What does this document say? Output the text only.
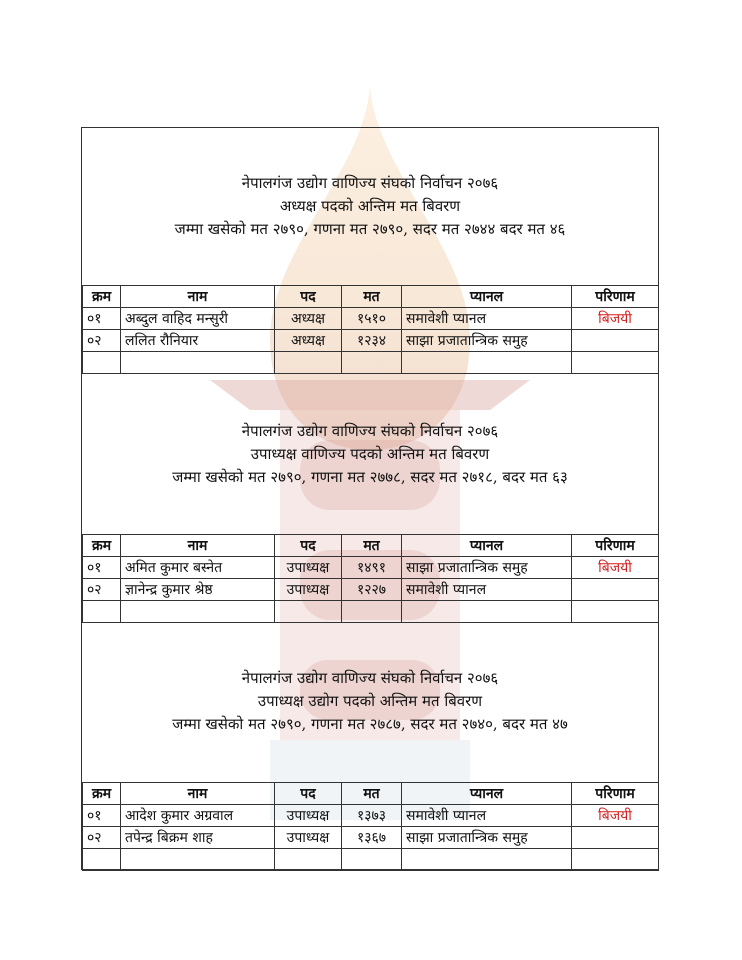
नेपालगंज उद्योग वाणिज्य संघको निर्वाचन २०७६
अध्यक्ष पदको अन्तिम मत बिवरण
जम्मा खसेको मत २७९०, गणना मत २७९०, सदर मत २७४४ बदर मत ४६
क्रम	नाम	पद	मत	प्यानल	परिणाम
०१	अब्दुल वाहिद मन्सुरी	अध्यक्ष	१५१०	समावेशी प्यानल	बिजयी
०२	ललित रौनियार	अध्यक्ष	१२३४	साझा प्रजातान्त्रिक समुह	

नेपालगंज उद्योग वाणिज्य संघको निर्वाचन २०७६
उपाध्यक्ष वाणिज्य पदको अन्तिम मत बिवरण
जम्मा खसेको मत २७९०, गणना मत २७७८, सदर मत २७१८, बदर मत ६३
क्रम	नाम	पद	मत	प्यानल	परिणाम
०१	अमित कुमार बस्नेत	उपाध्यक्ष	१४९१	साझा प्रजातान्त्रिक समुह	बिजयी
०२	ज्ञानेन्द्र कुमार श्रेष्ठ	उपाध्यक्ष	१२२७	समावेशी प्यानल	

नेपालगंज उद्योग वाणिज्य संघको निर्वाचन २०७६
उपाध्यक्ष उद्योग पदको अन्तिम मत बिवरण
जम्मा खसेको मत २७९०, गणना मत २७८७, सदर मत २७४०, बदर मत ४७
क्रम	नाम	पद	मत	प्यानल	परिणाम
०१	आदेश कुमार अग्रवाल	उपाध्यक्ष	१३७३	समावेशी प्यानल	बिजयी
०२	तपेन्द्र बिक्रम शाह	उपाध्यक्ष	१३६७	साझा प्रजातान्त्रिक समुह	
